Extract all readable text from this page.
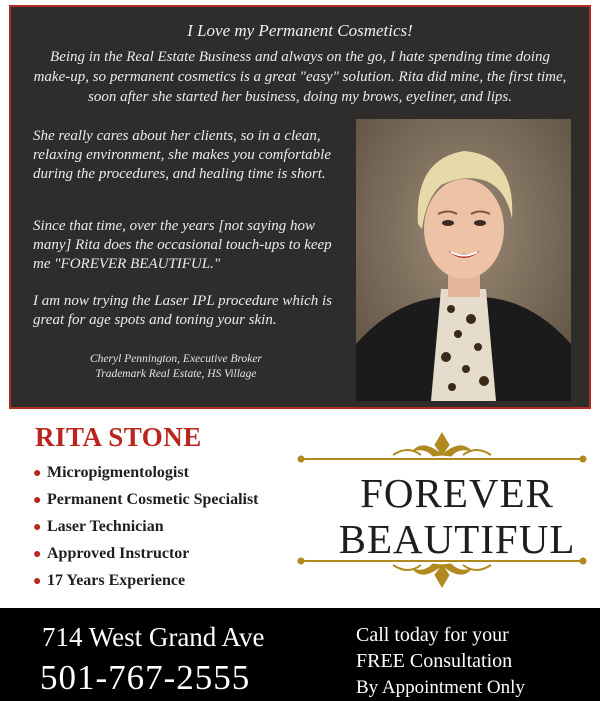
I Love my Permanent Cosmetics!
Being in the Real Estate Business and always on the go, I hate spending time doing make-up, so permanent cosmetics is a great "easy" solution. Rita did mine, the first time, soon after she started her business, doing my brows, eyeliner, and lips.
She really cares about her clients, so in a clean, relaxing environment, she makes you comfortable during the procedures, and healing time is short.
Since that time, over the years [not saying how many] Rita does the occasional touch-ups to keep me "FOREVER BEAUTIFUL."
I am now trying the Laser IPL procedure which is great for age spots and toning your skin.
Cheryl Pennington, Executive Broker
Trademark Real Estate, HS Village
RITA STONE
● Micropigmentologist
● Permanent Cosmetic Specialist
● Laser Technician
● Approved Instructor
● 17 Years Experience
FOREVER
BEAUTIFUL
714 West Grand Ave
501-767-2555
Call today for your
FREE Consultation
By Appointment Only
